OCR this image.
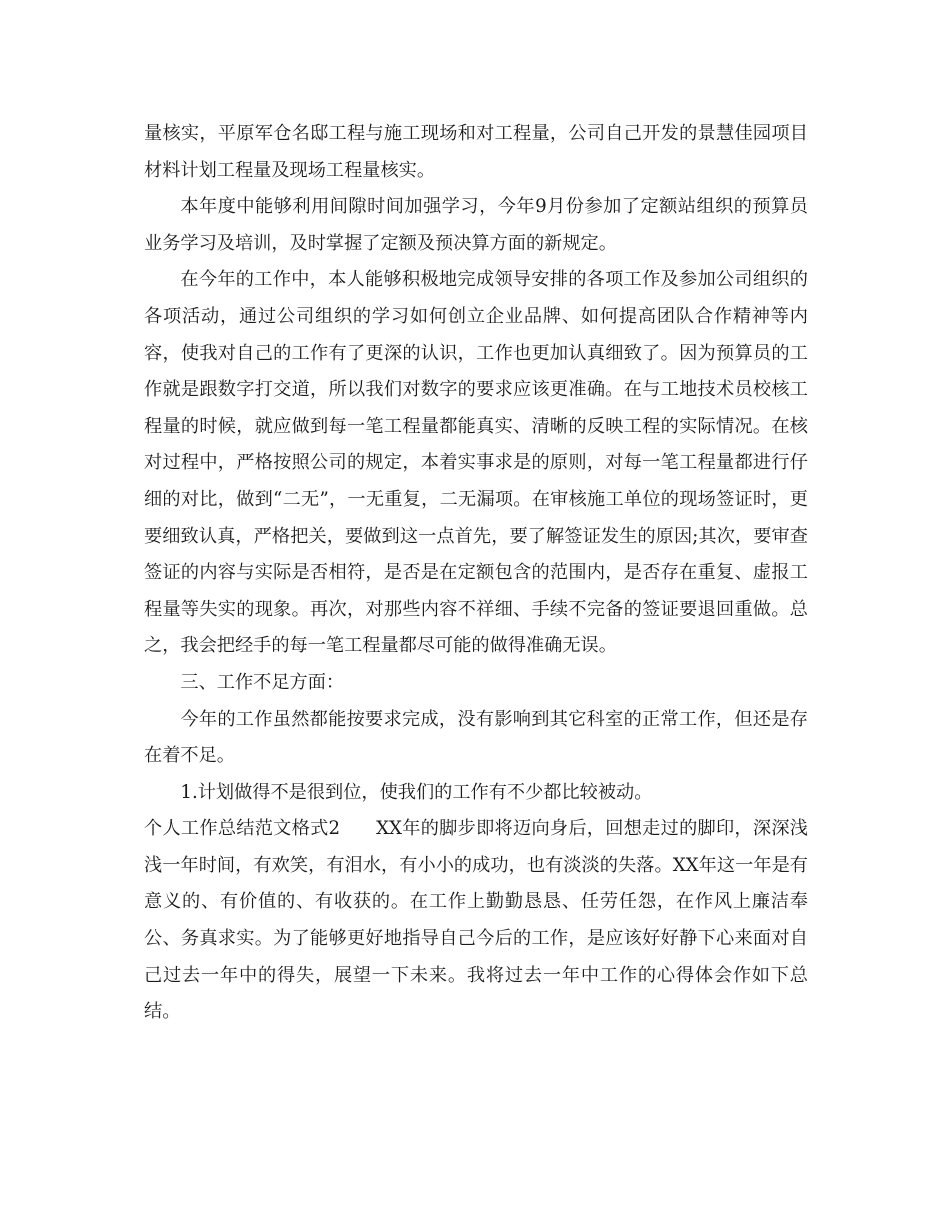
量核实，平原军仓名邸工程与施工现场和对工程量，公司自己开发的景慧佳园项目材料计划工程量及现场工程量核实。

本年度中能够利用间隙时间加强学习，今年9月份参加了定额站组织的预算员业务学习及培训，及时掌握了定额及预决算方面的新规定。

在今年的工作中，本人能够积极地完成领导安排的各项工作及参加公司组织的各项活动，通过公司组织的学习如何创立企业品牌、如何提高团队合作精神等内容，使我对自己的工作有了更深的认识，工作也更加认真细致了。因为预算员的工作就是跟数字打交道，所以我们对数字的要求应该更准确。在与工地技术员校核工程量的时候，就应做到每一笔工程量都能真实、清晰的反映工程的实际情况。在核对过程中，严格按照公司的规定，本着实事求是的原则，对每一笔工程量都进行仔细的对比，做到“二无”，一无重复，二无漏项。在审核施工单位的现场签证时，更要细致认真，严格把关，要做到这一点首先，要了解签证发生的原因;其次，要审查签证的内容与实际是否相符，是否是在定额包含的范围内，是否存在重复、虚报工程量等失实的现象。再次，对那些内容不祥细、手续不完备的签证要退回重做。总之，我会把经手的每一笔工程量都尽可能的做得准确无误。

三、工作不足方面：

今年的工作虽然都能按要求完成，没有影响到其它科室的正常工作，但还是存在着不足。

1.计划做得不是很到位，使我们的工作有不少都比较被动。

个人工作总结范文格式2 XX年的脚步即将迈向身后，回想走过的脚印，深深浅浅一年时间，有欢笑，有泪水，有小小的成功，也有淡淡的失落。XX年这一年是有意义的、有价值的、有收获的。在工作上勤勤恳恳、任劳任怨，在作风上廉洁奉公、务真求实。为了能够更好地指导自己今后的工作，是应该好好静下心来面对自己过去一年中的得失，展望一下未来。我将过去一年中工作的心得体会作如下总结。
